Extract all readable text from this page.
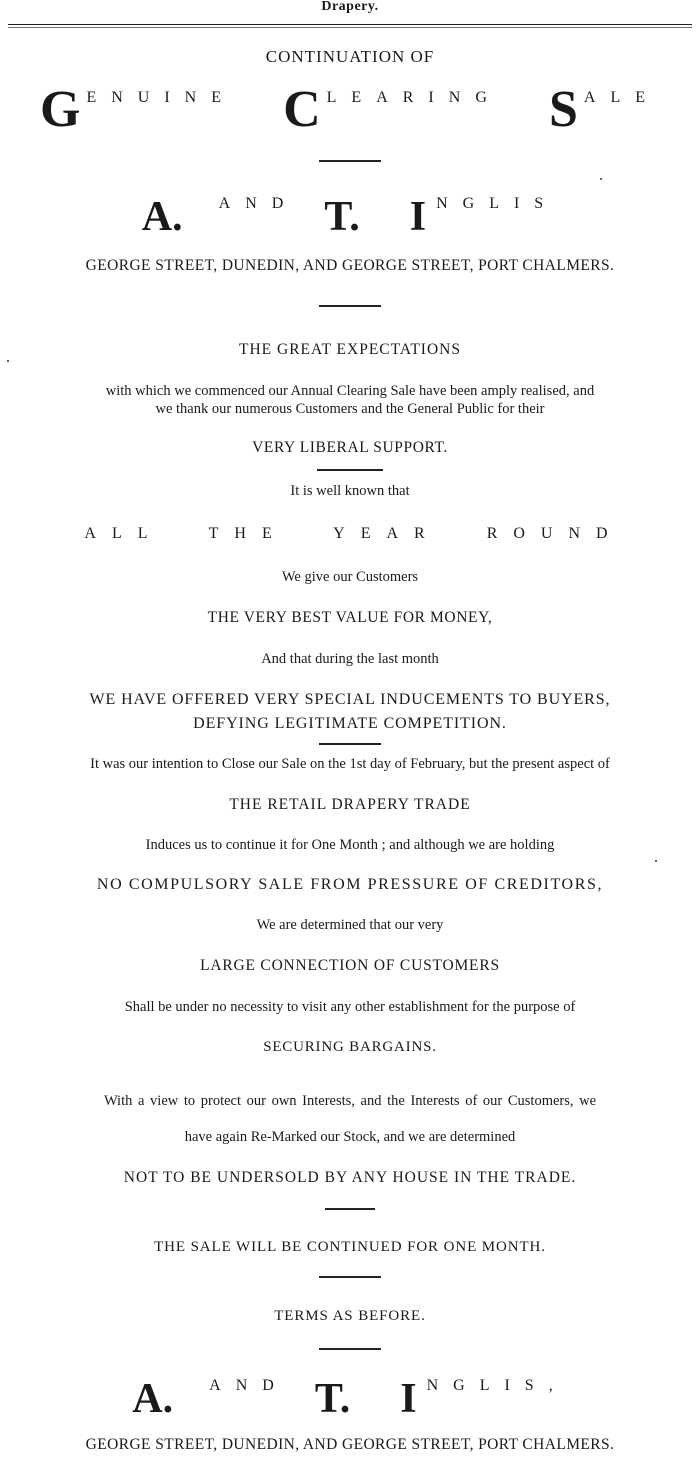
Drapery.
CONTINUATION OF
G ENUINE C LEARING S ALE
A. AND T. I NGLIS
GEORGE STREET, DUNEDIN, AND GEORGE STREET, PORT CHALMERS.
THE GREAT EXPECTATIONS
with which we commenced our Annual Clearing Sale have been amply realised, and
we thank our numerous Customers and the General Public for their
VERY LIBERAL SUPPORT.
It is well known that
ALL THE YEAR ROUND
We give our Customers
THE VERY BEST VALUE FOR MONEY,
And that during the last month
WE HAVE OFFERED VERY SPECIAL INDUCEMENTS TO BUYERS,
DEFYING LEGITIMATE COMPETITION.
It was our intention to Close our Sale on the 1st day of February, but the present aspect of
THE RETAIL DRAPERY TRADE
Induces us to continue it for One Month ; and although we are holding
NO COMPULSORY SALE FROM PRESSURE OF CREDITORS,
We are determined that our very
LARGE CONNECTION OF CUSTOMERS
Shall be under no necessity to visit any other establishment for the purpose of
SECURING BARGAINS.
With a view to protect our own Interests, and the Interests of our Customers, we
have again Re-Marked our Stock, and we are determined
NOT TO BE UNDERSOLD BY ANY HOUSE IN THE TRADE.
THE SALE WILL BE CONTINUED FOR ONE MONTH.
TERMS AS BEFORE.
A. AND T. I NGLIS,
GEORGE STREET, DUNEDIN, AND GEORGE STREET, PORT CHALMERS.
